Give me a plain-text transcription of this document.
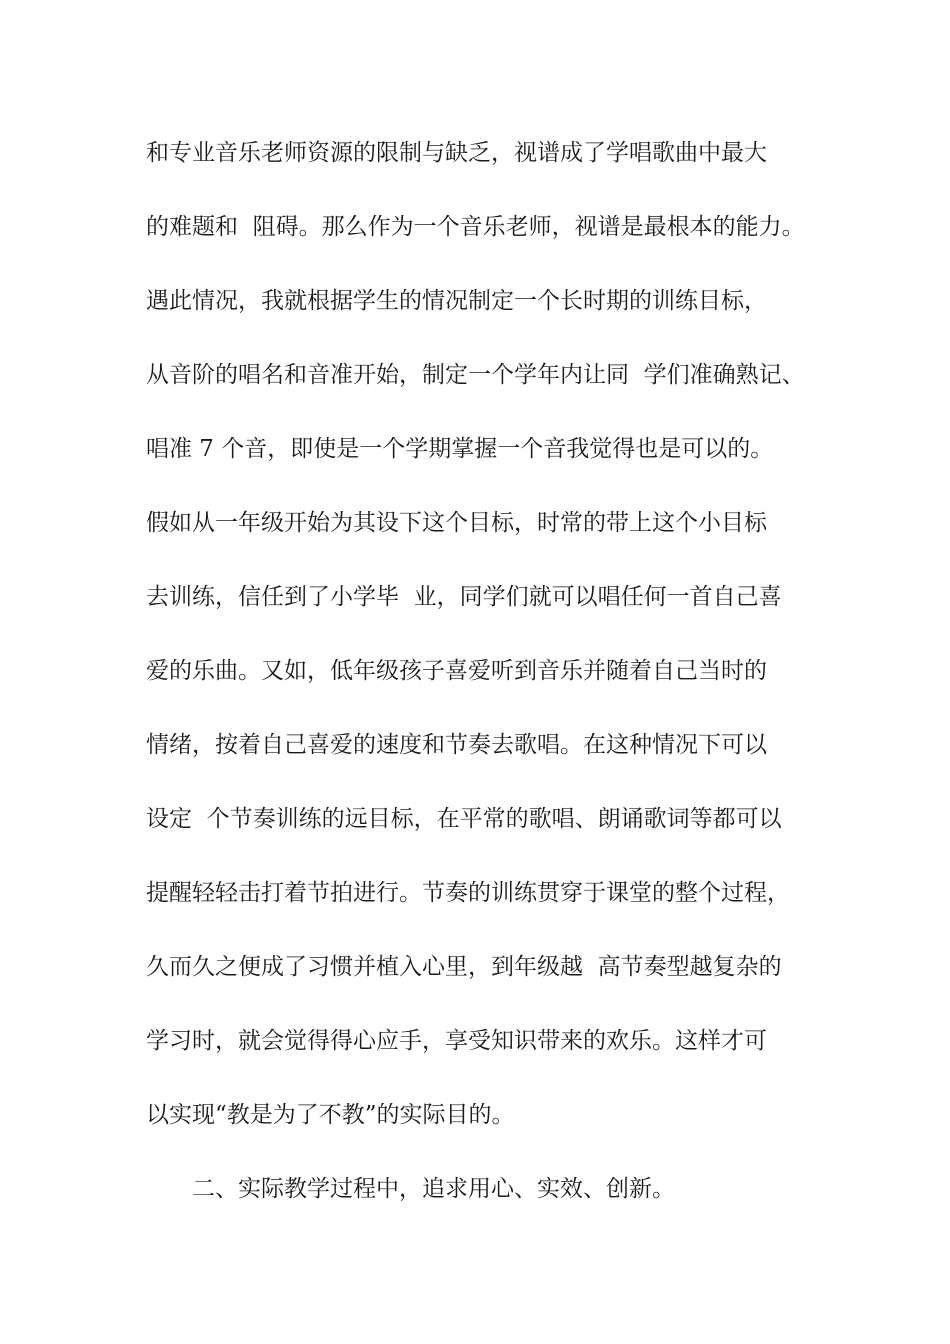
和专业音乐老师资源的限制与缺乏，视谱成了学唱歌曲中最大
的难题和  阻碍。那么作为一个音乐老师，视谱是最根本的能力。
遇此情况，我就根据学生的情况制定一个长时期的训练目标，
从音阶的唱名和音准开始，制定一个学年内让同  学们准确熟记、
唱准 7 个音，即使是一个学期掌握一个音我觉得也是可以的。
假如从一年级开始为其设下这个目标，时常的带上这个小目标
去训练，信任到了小学毕  业，同学们就可以唱任何一首自己喜
爱的乐曲。又如，低年级孩子喜爱听到音乐并随着自己当时的
情绪，按着自己喜爱的速度和节奏去歌唱。在这种情况下可以
设定  个节奏训练的远目标，在平常的歌唱、朗诵歌词等都可以
提醒轻轻击打着节拍进行。节奏的训练贯穿于课堂的整个过程，
久而久之便成了习惯并植入心里，到年级越  高节奏型越复杂的
学习时，就会觉得得心应手，享受知识带来的欢乐。这样才可
以实现“教是为了不教”的实际目的。
二、实际教学过程中，追求用心、实效、创新。
